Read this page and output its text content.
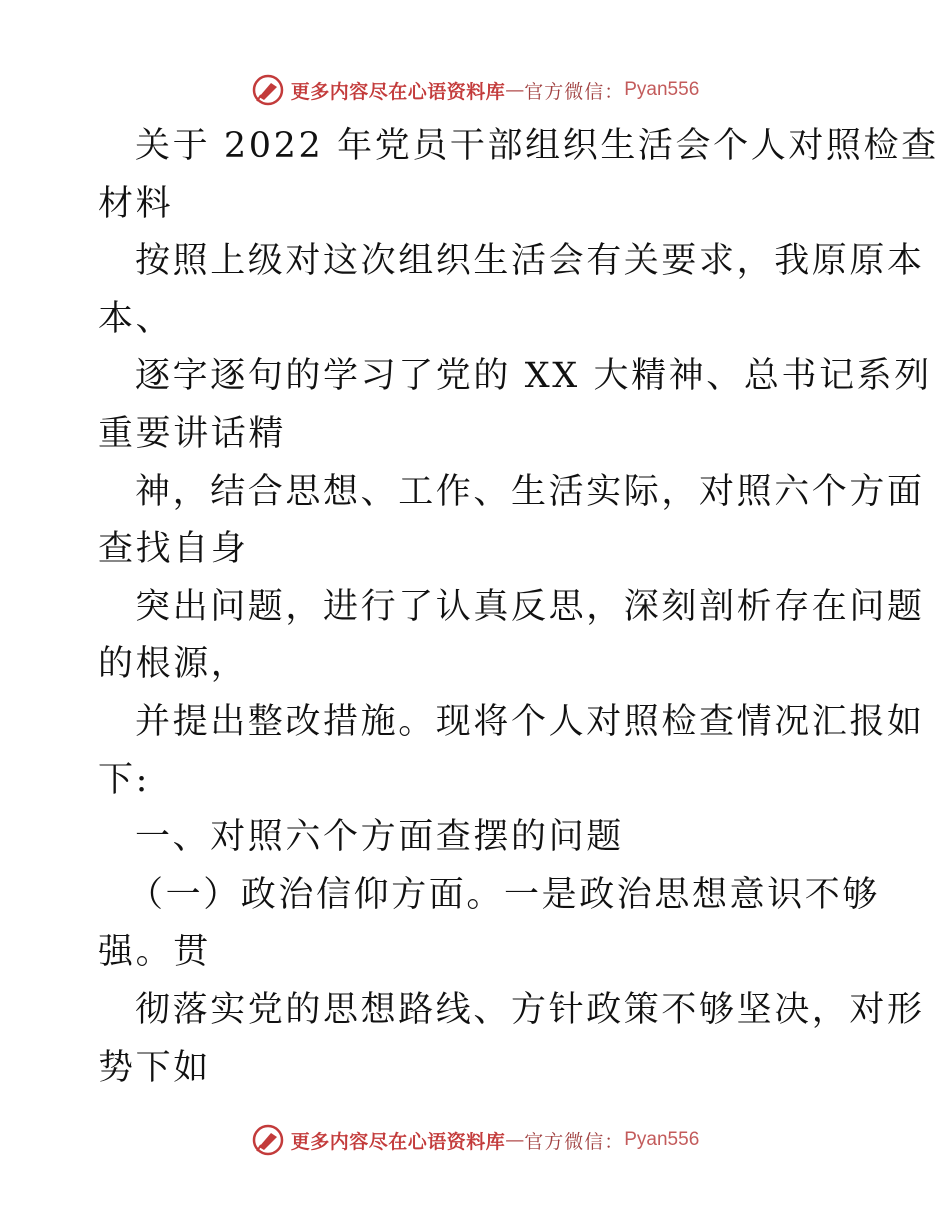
更多内容尽在心语资料库 — 官方微信： Pyan556
关于 2022 年党员干部组织生活会个人对照检查
材料
按照上级对这次组织生活会有关要求，我原原本
本、
逐字逐句的学习了党的 XX 大精神、总书记系列
重要讲话精
神，结合思想、工作、生活实际，对照六个方面
查找自身
突出问题，进行了认真反思，深刻剖析存在问题
的根源，
并提出整改措施。现将个人对照检查情况汇报如
下:
一、对照六个方面查摆的问题
（一）政治信仰方面。一是政治思想意识不够
强。贯
彻落实党的思想路线、方针政策不够坚决，对形
势下如
更多内容尽在心语资料库 — 官方微信： Pyan556
